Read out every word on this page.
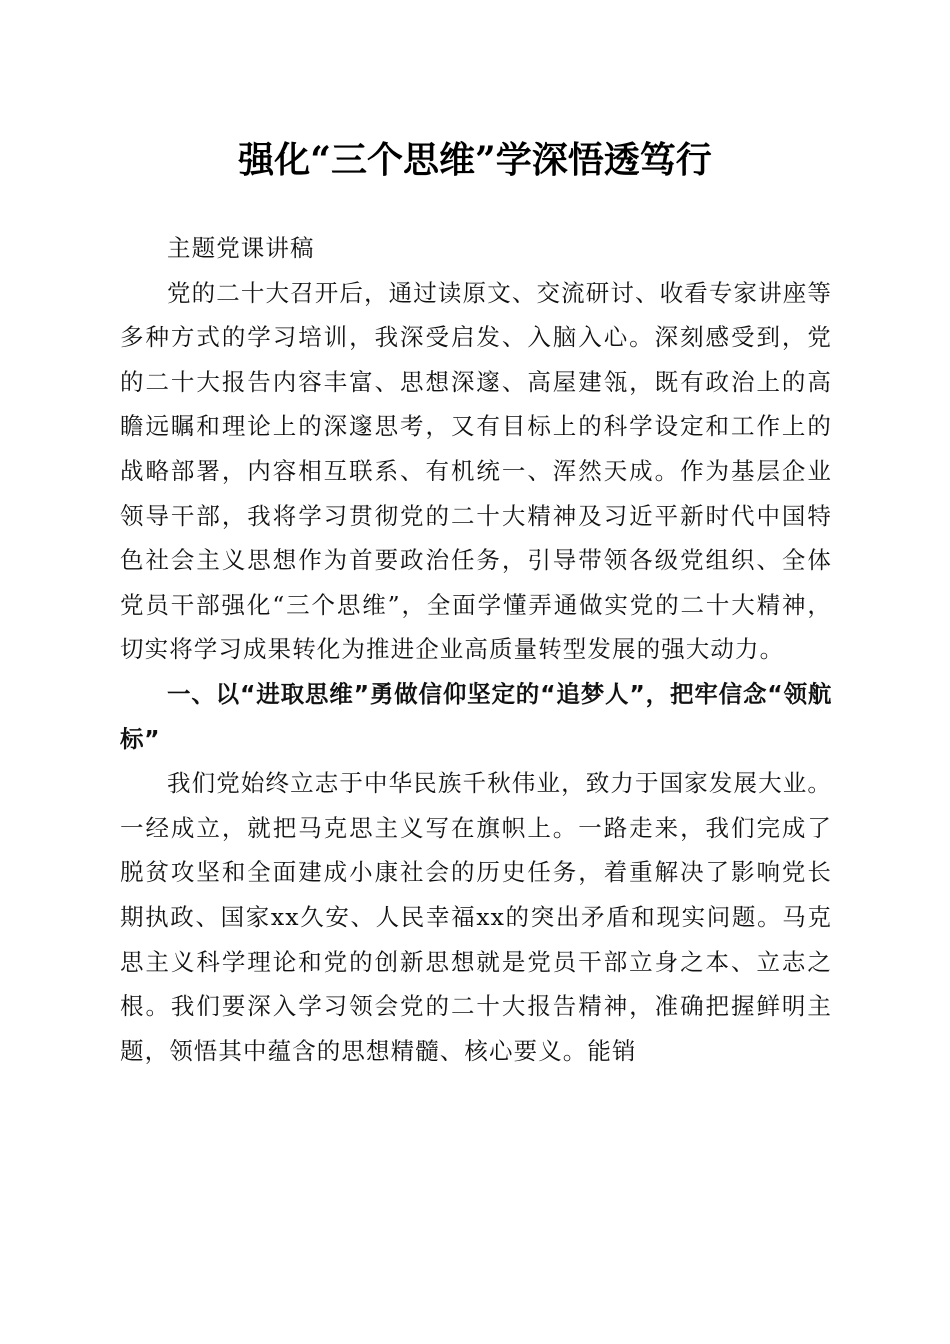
强化“三个思维”学深悟透笃行

主题党课讲稿

党的二十大召开后，通过读原文、交流研讨、收看专家讲座等多种方式的学习培训，我深受启发、入脑入心。深刻感受到，党的二十大报告内容丰富、思想深邃、高屋建瓴，既有政治上的高瞻远瞩和理论上的深邃思考，又有目标上的科学设定和工作上的战略部署，内容相互联系、有机统一、浑然天成。作为基层企业领导干部，我将学习贯彻党的二十大精神及习近平新时代中国特色社会主义思想作为首要政治任务，引导带领各级党组织、全体党员干部强化“三个思维”，全面学懂弄通做实党的二十大精神，切实将学习成果转化为推进企业高质量转型发展的强大动力。

一、以“进取思维”勇做信仰坚定的“追梦人”，把牢信念“领航标”

我们党始终立志于中华民族千秋伟业，致力于国家发展大业。一经成立，就把马克思主义写在旗帜上。一路走来，我们完成了脱贫攻坚和全面建成小康社会的历史任务，着重解决了影响党长期执政、国家xx久安、人民幸福xx的突出矛盾和现实问题。马克思主义科学理论和党的创新思想就是党员干部立身之本、立志之根。我们要深入学习领会党的二十大报告精神，准确把握鲜明主题，领悟其中蕴含的思想精髓、核心要义。能销
